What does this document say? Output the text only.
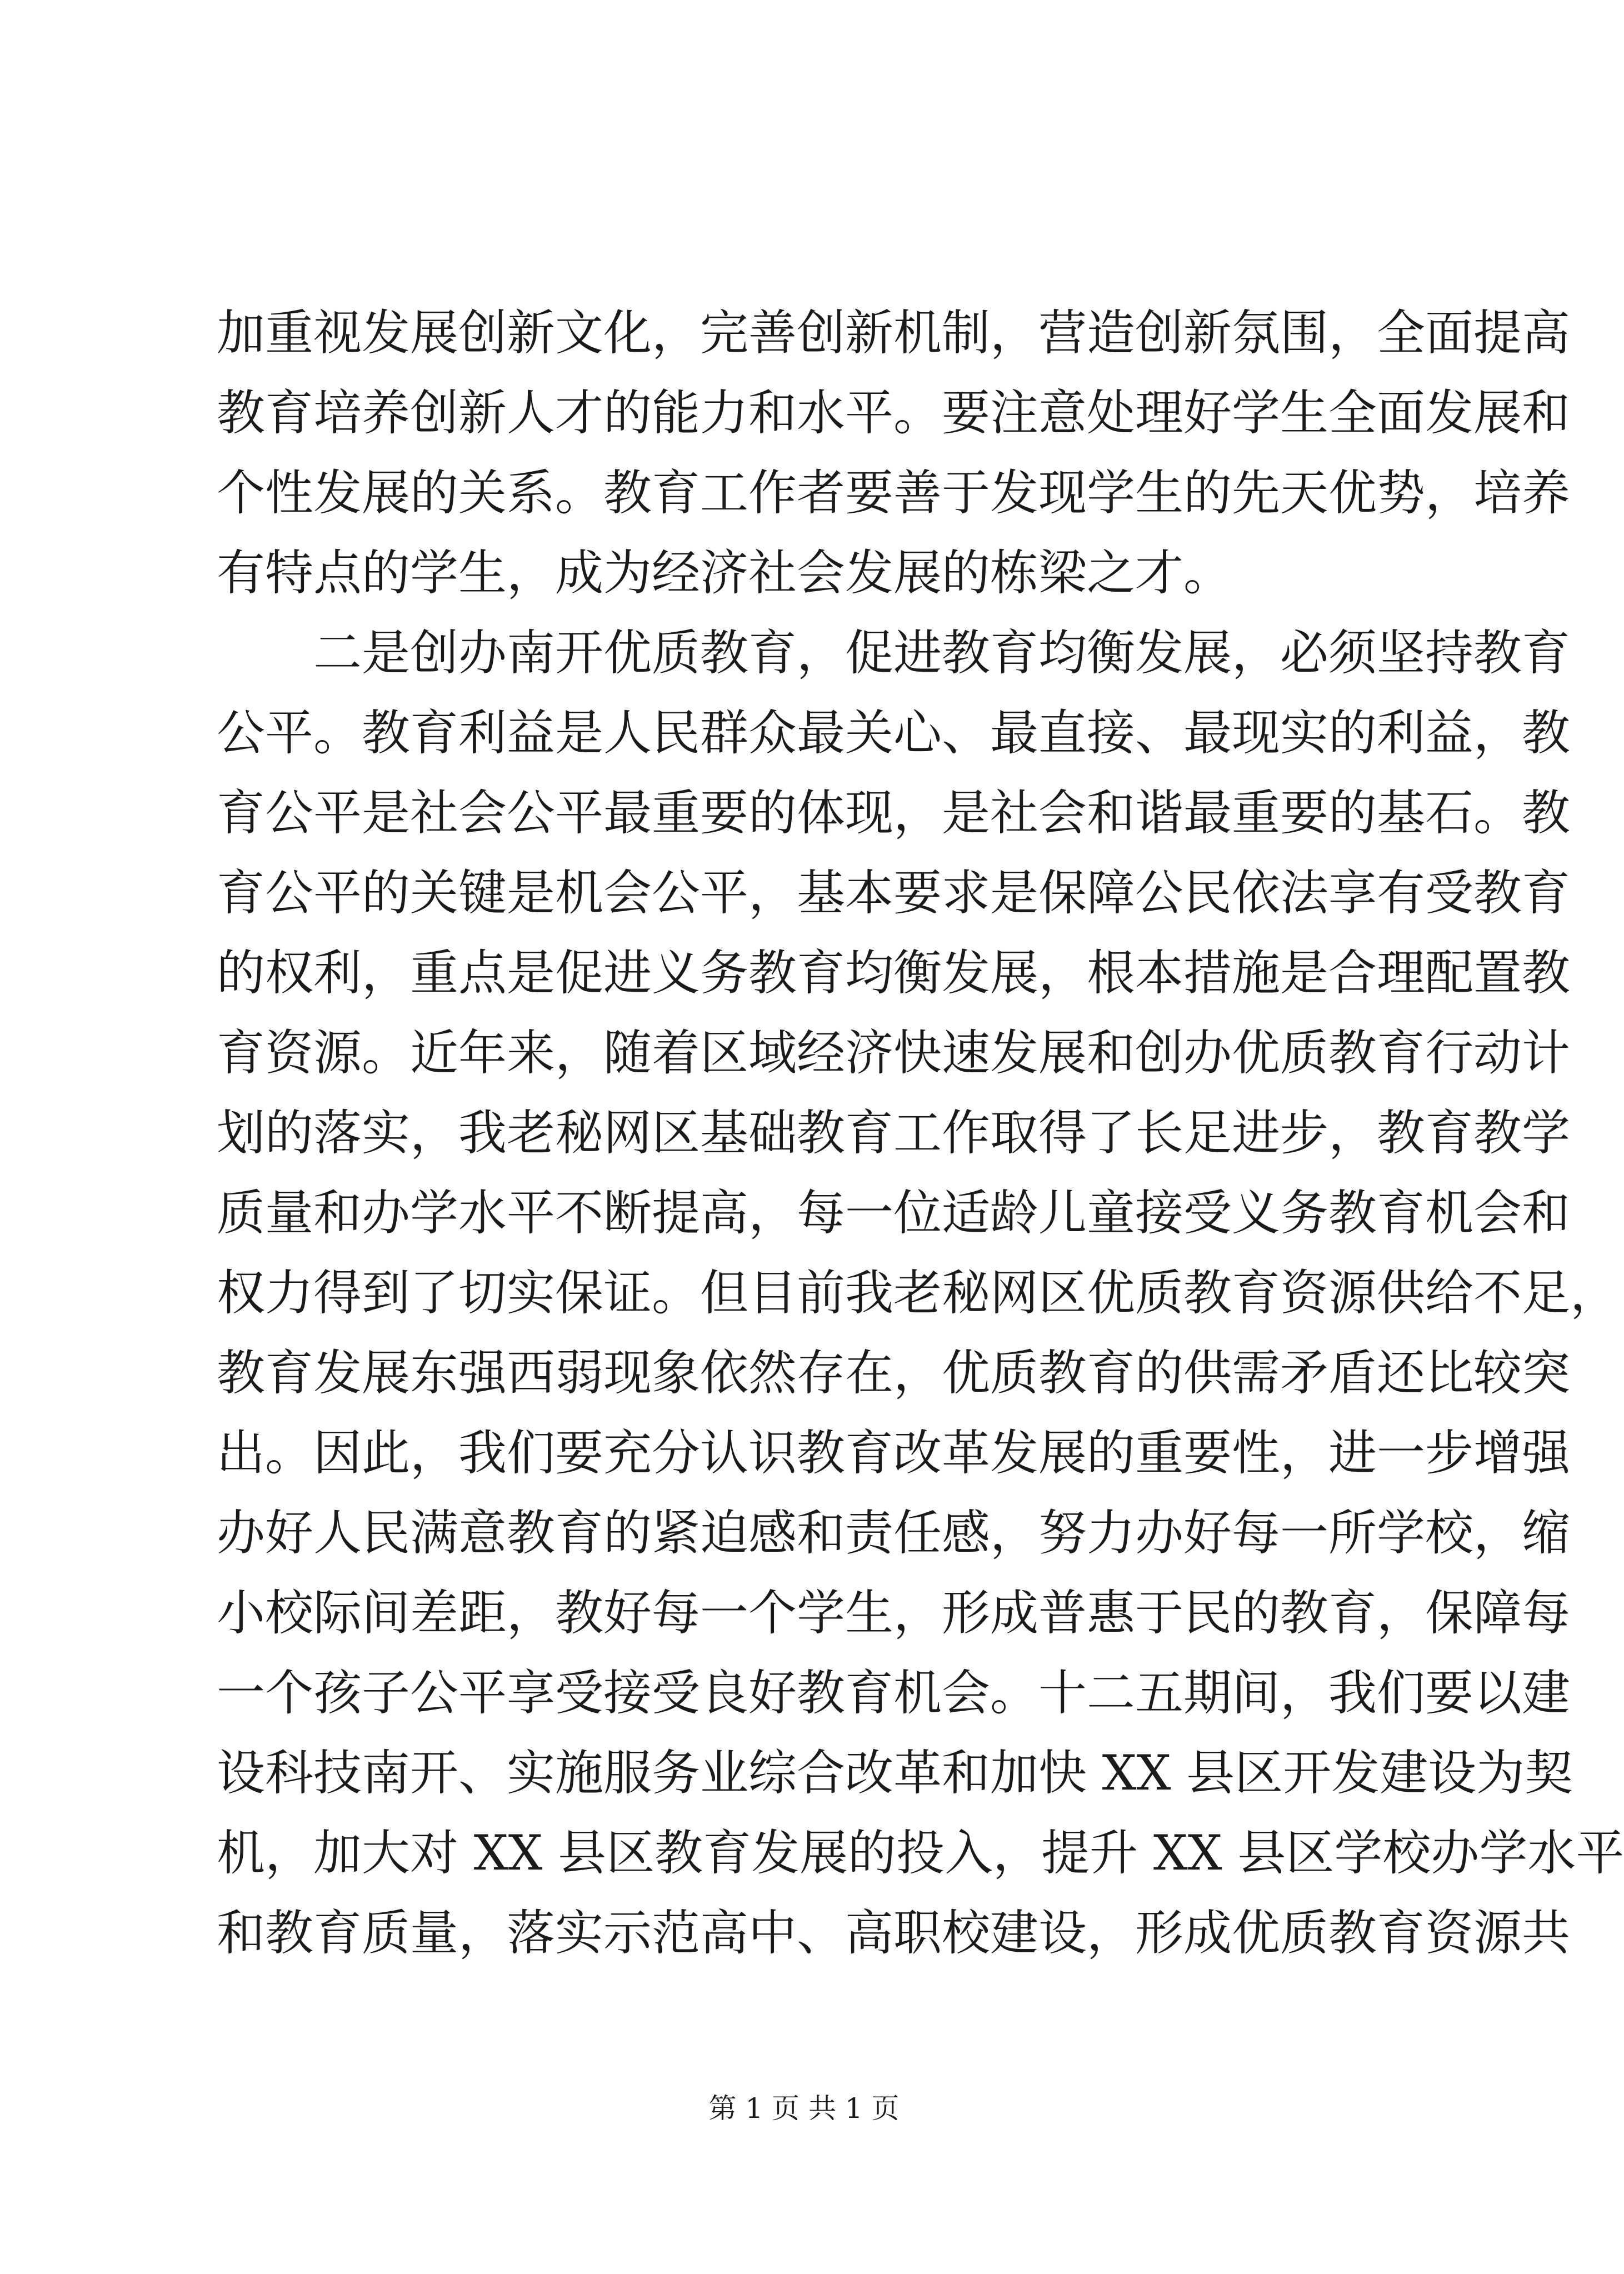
加重视发展创新文化，完善创新机制，营造创新氛围，全面提高
教育培养创新人才的能力和水平。要注意处理好学生全面发展和
个性发展的关系。教育工作者要善于发现学生的先天优势，培养
有特点的学生，成为经济社会发展的栋梁之才。
　　二是创办南开优质教育，促进教育均衡发展，必须坚持教育
公平。教育利益是人民群众最关心、最直接、最现实的利益，教
育公平是社会公平最重要的体现，是社会和谐最重要的基石。教
育公平的关键是机会公平，基本要求是保障公民依法享有受教育
的权利，重点是促进义务教育均衡发展，根本措施是合理配置教
育资源。近年来，随着区域经济快速发展和创办优质教育行动计
划的落实，我老秘网区基础教育工作取得了长足进步，教育教学
质量和办学水平不断提高，每一位适龄儿童接受义务教育机会和
权力得到了切实保证。但目前我老秘网区优质教育资源供给不足，
教育发展东强西弱现象依然存在，优质教育的供需矛盾还比较突
出。因此，我们要充分认识教育改革发展的重要性，进一步增强
办好人民满意教育的紧迫感和责任感，努力办好每一所学校，缩
小校际间差距，教好每一个学生，形成普惠于民的教育，保障每
一个孩子公平享受接受良好教育机会。十二五期间，我们要以建
设科技南开、实施服务业综合改革和加快 XX 县区开发建设为契
机，加大对 XX 县区教育发展的投入，提升 XX 县区学校办学水平
和教育质量，落实示范高中、高职校建设，形成优质教育资源共
第 1 页 共 1 页
